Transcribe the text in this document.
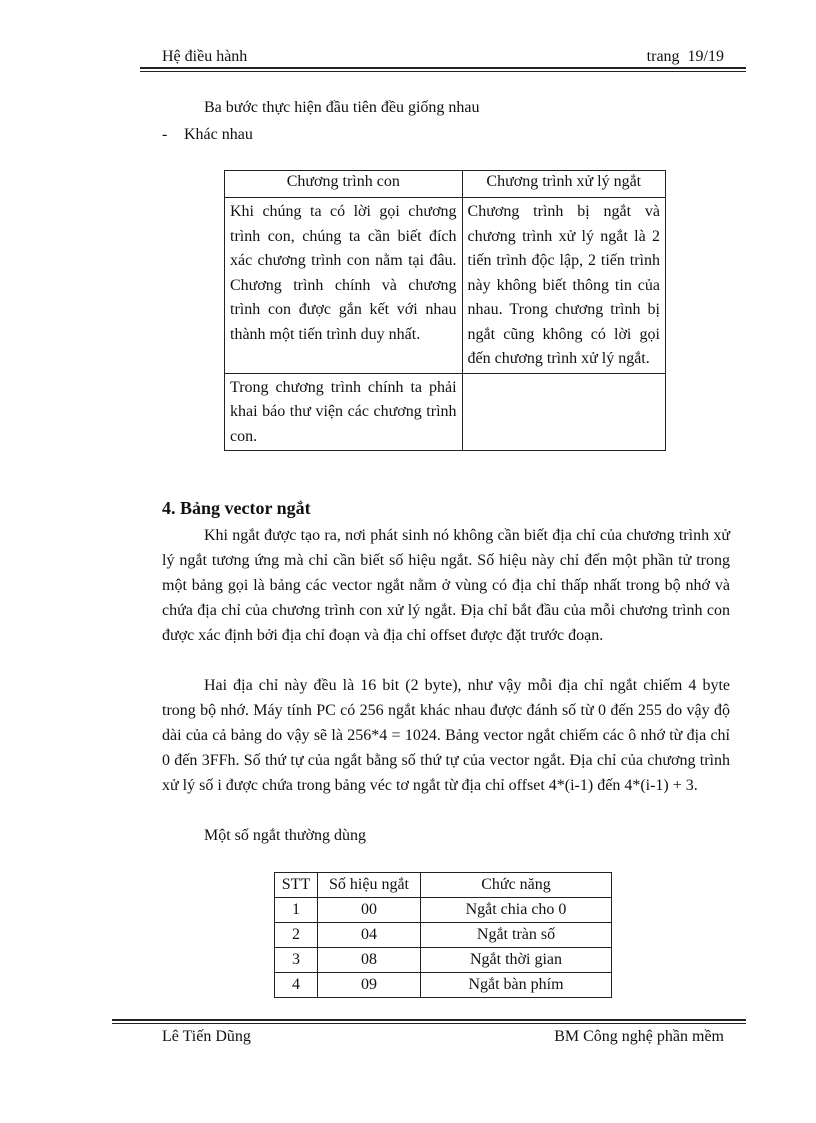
Hệ điều hành	trang 19/19
Ba bước thực hiện đầu tiên đều giống nhau
- Khác nhau
Chương trình con	Chương trình xử lý ngắt
Khi chúng ta có lời gọi chương trình con, chúng ta cần biết đích xác chương trình con nằm tại đâu. Chương trình chính và chương trình con được gắn kết với nhau thành một tiến trình duy nhất.	Chương trình bị ngắt và chương trình xử lý ngắt là 2 tiến trình độc lập, 2 tiến trình này không biết thông tin của nhau. Trong chương trình bị ngắt cũng không có lời gọi đến chương trình xử lý ngắt.
Trong chương trình chính ta phải khai báo thư viện các chương trình con.	
4. Bảng vector ngắt
Khi ngắt được tạo ra, nơi phát sinh nó không cần biết địa chỉ của chương trình xử lý ngắt tương ứng mà chỉ cần biết số hiệu ngắt. Số hiệu này chỉ đến một phần tử trong một bảng gọi là bảng các vector ngắt nằm ở vùng có địa chỉ thấp nhất trong bộ nhớ và chứa địa chỉ của chương trình con xử lý ngắt. Địa chỉ bắt đầu của mỗi chương trình con được xác định bởi địa chỉ đoạn và địa chỉ offset được đặt trước đoạn.
Hai địa chỉ này đều là 16 bit (2 byte), như vậy mỗi địa chỉ ngắt chiếm 4 byte trong bộ nhớ. Máy tính PC có 256 ngắt khác nhau được đánh số từ 0 đến 255 do vậy độ dài của cả bảng do vậy sẽ là 256*4 = 1024. Bảng vector ngắt chiếm các ô nhớ từ địa chỉ 0 đến 3FFh. Số thứ tự của ngắt bằng số thứ tự của vector ngắt. Địa chỉ của chương trình xử lý số i được chứa trong bảng véc tơ ngắt từ địa chỉ offset 4*(i-1) đến 4*(i-1) + 3.
Một số ngắt thường dùng
STT	Số hiệu ngắt	Chức năng
1	00	Ngắt chia cho 0
2	04	Ngắt tràn số
3	08	Ngắt thời gian
4	09	Ngắt bàn phím
Lê Tiến Dũng	BM Công nghệ phần mềm
